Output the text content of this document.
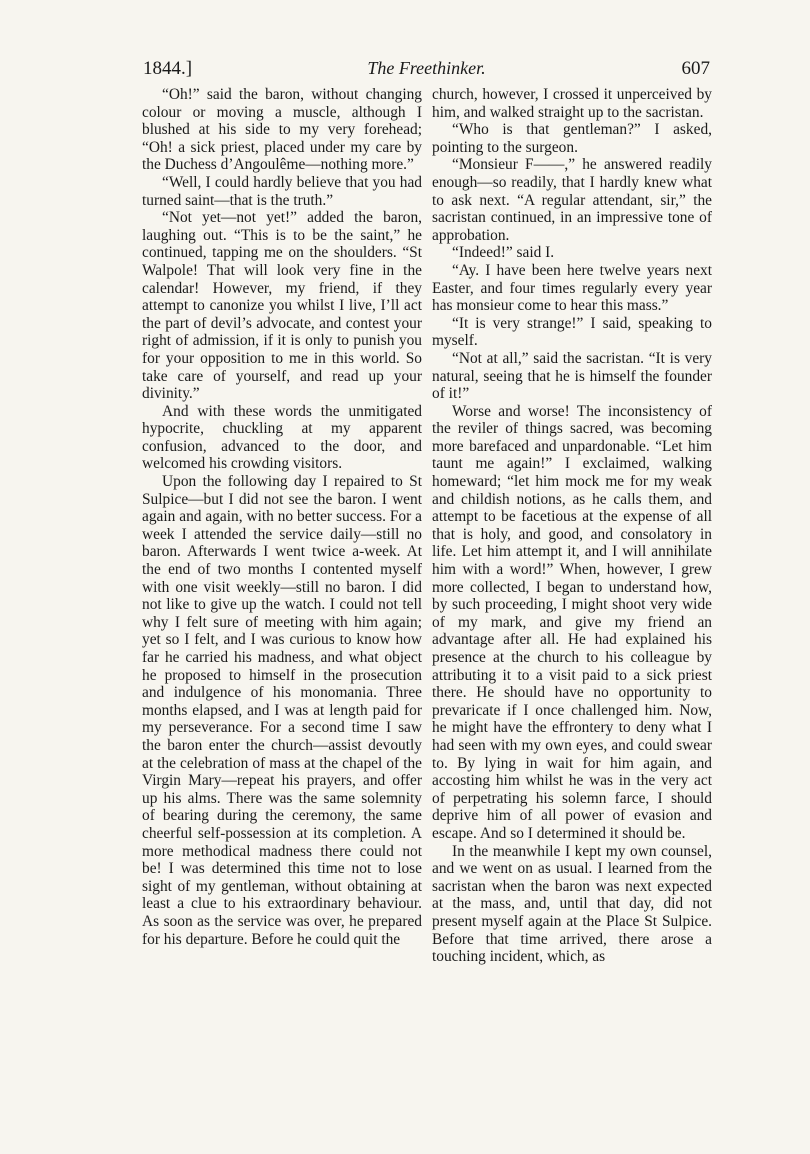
1844.]	The Freethinker.	607

“Oh!” said the baron, without changing colour or moving a muscle, although I blushed at his side to my very forehead; “Oh! a sick priest, placed under my care by the Duchess d’Angoulême—nothing more.”

“Well, I could hardly believe that you had turned saint—that is the truth.”

“Not yet—not yet!” added the baron, laughing out. “This is to be the saint,” he continued, tapping me on the shoulders. “St Walpole! That will look very fine in the calendar! However, my friend, if they attempt to canonize you whilst I live, I’ll act the part of devil’s advocate, and contest your right of admission, if it is only to punish you for your opposition to me in this world. So take care of yourself, and read up your divinity.”

And with these words the unmitigated hypocrite, chuckling at my apparent confusion, advanced to the door, and welcomed his crowding visitors.

Upon the following day I repaired to St Sulpice—but I did not see the baron. I went again and again, with no better success. For a week I attended the service daily—still no baron. Afterwards I went twice a-week. At the end of two months I contented myself with one visit weekly—still no baron. I did not like to give up the watch. I could not tell why I felt sure of meeting with him again; yet so I felt, and I was curious to know how far he carried his madness, and what object he proposed to himself in the prosecution and indulgence of his monomania. Three months elapsed, and I was at length paid for my perseverance. For a second time I saw the baron enter the church—assist devoutly at the celebration of mass at the chapel of the Virgin Mary—repeat his prayers, and offer up his alms. There was the same solemnity of bearing during the ceremony, the same cheerful self-possession at its completion. A more methodical madness there could not be! I was determined this time not to lose sight of my gentleman, without obtaining at least a clue to his extraordinary behaviour. As soon as the service was over, he prepared for his departure. Before he could quit the

church, however, I crossed it unperceived by him, and walked straight up to the sacristan.

“Who is that gentleman?” I asked, pointing to the surgeon.

“Monsieur F——,” he answered readily enough—so readily, that I hardly knew what to ask next. “A regular attendant, sir,” the sacristan continued, in an impressive tone of approbation.

“Indeed!” said I.

“Ay. I have been here twelve years next Easter, and four times regularly every year has monsieur come to hear this mass.”

“It is very strange!” I said, speaking to myself.

“Not at all,” said the sacristan. “It is very natural, seeing that he is himself the founder of it!”

Worse and worse! The inconsistency of the reviler of things sacred, was becoming more barefaced and unpardonable. “Let him taunt me again!” I exclaimed, walking homeward; “let him mock me for my weak and childish notions, as he calls them, and attempt to be facetious at the expense of all that is holy, and good, and consolatory in life. Let him attempt it, and I will annihilate him with a word!” When, however, I grew more collected, I began to understand how, by such proceeding, I might shoot very wide of my mark, and give my friend an advantage after all. He had explained his presence at the church to his colleague by attributing it to a visit paid to a sick priest there. He should have no opportunity to prevaricate if I once challenged him. Now, he might have the effrontery to deny what I had seen with my own eyes, and could swear to. By lying in wait for him again, and accosting him whilst he was in the very act of perpetrating his solemn farce, I should deprive him of all power of evasion and escape. And so I determined it should be.

In the meanwhile I kept my own counsel, and we went on as usual. I learned from the sacristan when the baron was next expected at the mass, and, until that day, did not present myself again at the Place St Sulpice. Before that time arrived, there arose a touching incident, which, as
